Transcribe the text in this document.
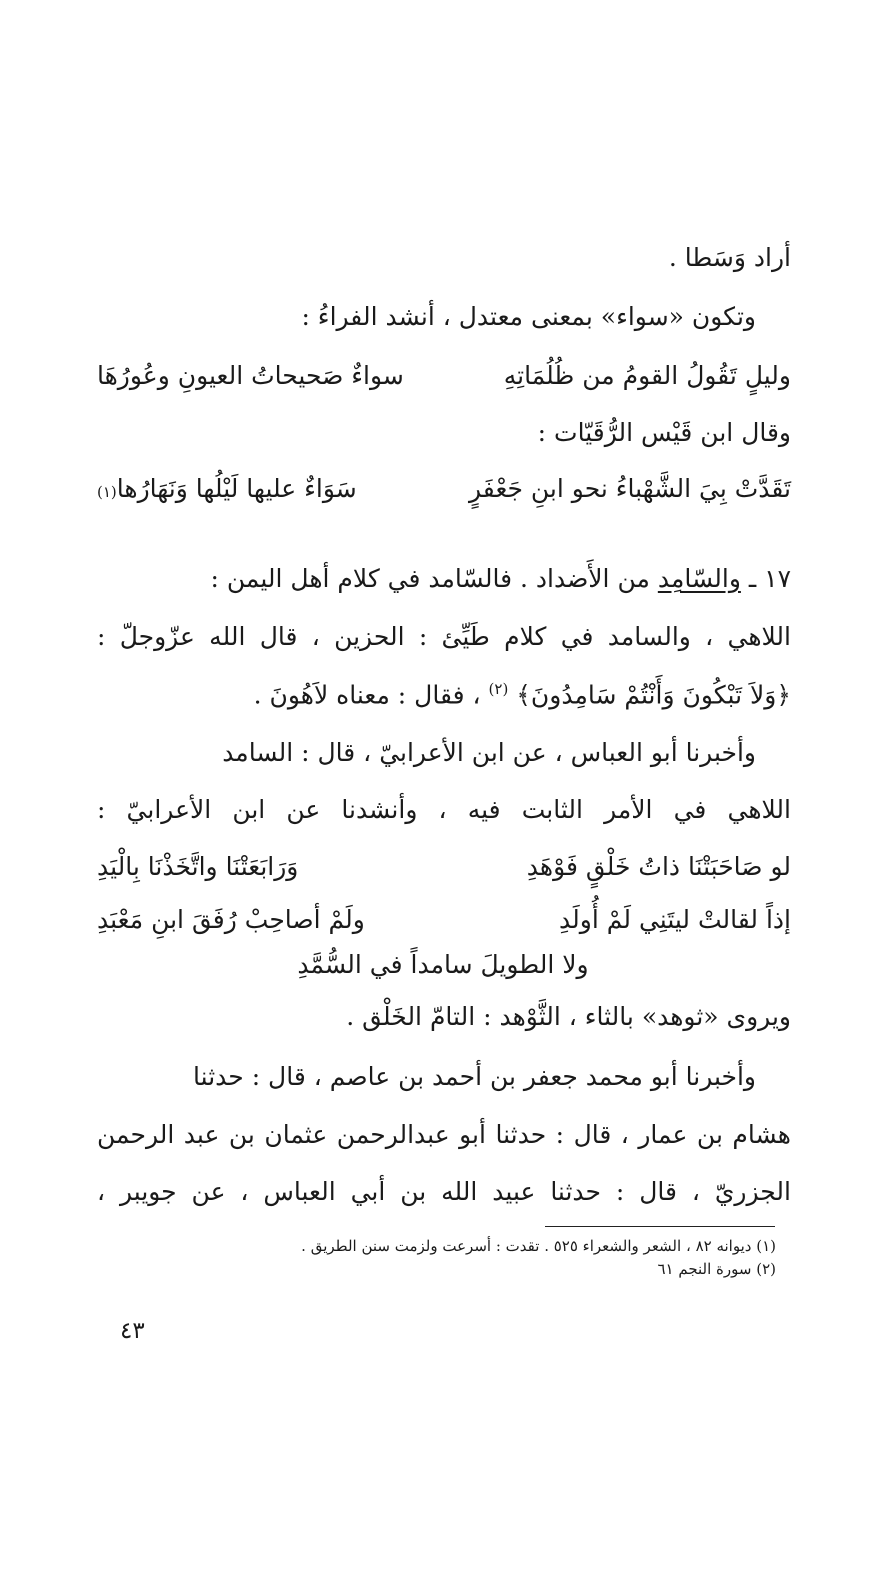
أراد وَسَطا .
وتكون «سواء» بمعنى معتدل ، أنشد الفراءُ :
وليلٍ تَقُولُ القومُ من ظُلُمَاتِهِ
سواءٌ صَحيحاتُ العيونِ وعُورُهَا
وقال ابن قَيْس الرُّقَيّات :
تَقَدَّتْ بِيَ الشَّهْباءُ نحو ابنِ جَعْفَرٍ
سَوَاءٌ عليها لَيْلُها وَنَهَارُها(١)
١٧ ـ والسّامِد من الأَضداد . فالسّامد في كلام أهل اليمن :
اللاهي ، والسامد في كلام طَيِّئ : الحزين ، قال الله عزّوجلّ :
﴿وَلاَ تَبْكُونَ وَأَنْتُمْ سَامِدُونَ﴾ $^{(٢)}$ ، فقال : معناه لاَهُونَ .
وأخبرنا أبو العباس ، عن ابن الأعرابيّ ، قال : السامد
اللاهي في الأمر الثابت فيه ، وأنشدنا عن ابن الأعرابيّ :
لو صَاحَبَتْنَا ذاتُ خَلْقٍ فَوْهَدِ
وَرَابَعَتْنَا واتَّخَذْنَا بِالْيَدِ
إذاً لقالتْ ليتَنِي لَمْ أُولَدِ
ولَمْ أصاحِبْ رُفَقَ ابنِ مَعْبَدِ
ولا الطويلَ سامداً في السُّمَّدِ
ويروى «ثوهد» بالثاء ، الثَّوْهد : التامّ الخَلْق .
وأخبرنا أبو محمد جعفر بن أحمد بن عاصم ، قال : حدثنا
هشام بن عمار ، قال : حدثنا أبو عبدالرحمن عثمان بن عبد الرحمن
الجزريّ ، قال : حدثنا عبيد الله بن أبي العباس ، عن جويبر ،
(١) ديوانه ٨٢ ، الشعر والشعراء ٥٢٥ . تقدت : أسرعت ولزمت سنن الطريق .
(٢) سورة النجم ٦١
٤٣
